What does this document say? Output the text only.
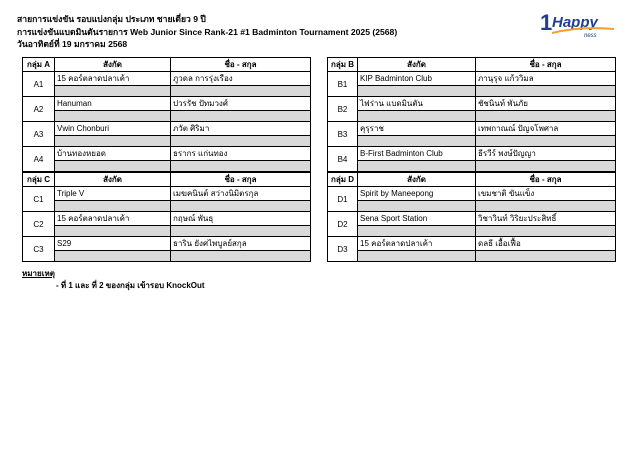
สายการแข่งขัน รอบแบ่งกลุ่ม ประเภท ชายเดี่ยว 9 ปี
การแข่งขันแบดมินตันรายการ Web Junior Since Rank-21 #1 Badminton Tournament 2025 (2568)
วันอาทิตย์ที่ 19 มกราคม 2568
1 Happy
ness
กลุ่ม A	สังกัด	ชื่อ - สกุล
A1	15 คอร์ตลาดปลาเค้า	ภูวดล การรุ่งเรือง

A2	Hanuman	ปวรรัช ปัทมวงศ์

A3	Vwin Chonburi	ภวัต ศิริมา

A4	บ้านทองหยอด	ธรากร แก่นทอง

กลุ่ม B	สังกัด	ชื่อ - สกุล
B1	KIP Badminton Club	ภานุรุจ แก้ววิมล

B2	ไฟร่าน แบดมินตัน	ชัชนินท์ พันภัย

B3	คุรุราช	เทพกาณณ์ ปัญจโพศาล

B4	B-First Badminton Club	ธีรวีร์ พงษ์ปัญญา

กลุ่ม C	สังกัด	ชื่อ - สกุล
C1	Triple V	เมฆคนินต์ สว่างนิมิตรกุล

C2	15 คอร์ตลาดปลาเค้า	กฤษณ์ พันธุ

C3	S29	ธาริน ยังศไพบูลย์สกุล

กลุ่ม D	สังกัด	ชื่อ - สกุล
D1	Spirit by Maneepong	เขมชาติ ขันแข็ง

D2	Sena Sport Station	วิชาวินท์ วิริยะประสิทธิ์

D3	15 คอร์ตลาดปลาเค้า	ดลธี เอื้อเฟื้อ

หมายเหตุ
- ที่ 1 และ ที่ 2 ของกลุ่ม เข้ารอบ KnockOut
